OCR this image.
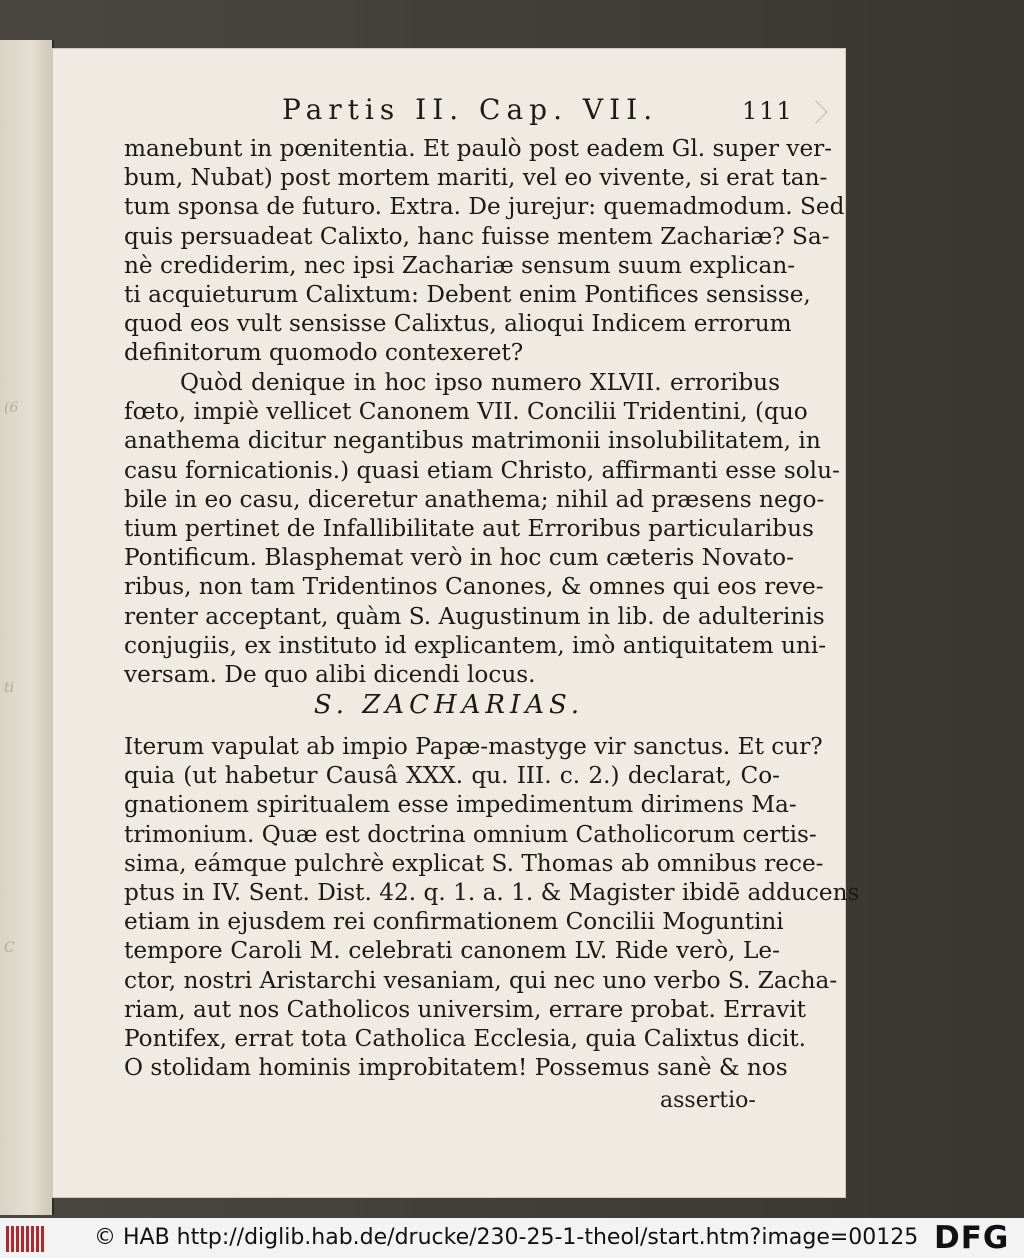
(6
ti
C
Partis II. Cap. VII.	111
manebunt in pœnitentia. Et paulò post eadem Gl. super ver-
bum, Nubat) post mortem mariti, vel eo vivente, si erat tan-
tum sponsa de futuro. Extra. De jurejur: quemadmodum. Sed
quis persuadeat Calixto, hanc fuisse mentem Zachariæ? Sa-
nè crediderim, nec ipsi Zachariæ sensum suum explican-
ti acquieturum Calixtum: Debent enim Pontifices sensisse,
quod eos vult sensisse Calixtus, alioqui Indicem errorum
definitorum quomodo contexeret?
Quòd denique in hoc ipso numero XLVII. erroribus
fœto, impiè vellicet Canonem VII. Concilii Tridentini, (quo
anathema dicitur negantibus matrimonii insolubilitatem, in
casu fornicationis.) quasi etiam Christo, affirmanti esse solu-
bile in eo casu, diceretur anathema; nihil ad præsens nego-
tium pertinet de Infallibilitate aut Erroribus particularibus
Pontificum. Blasphemat verò in hoc cum cæteris Novato-
ribus, non tam Tridentinos Canones, & omnes qui eos reve-
renter acceptant, quàm S. Augustinum in lib. de adulterinis
conjugiis, ex instituto id explicantem, imò antiquitatem uni-
versam. De quo alibi dicendi locus.
S. ZACHARIAS.
Iterum vapulat ab impio Papæ-mastyge vir sanctus. Et cur?
quia (ut habetur Causâ XXX. qu. III. c. 2.) declarat, Co-
gnationem spiritualem esse impedimentum dirimens Ma-
trimonium. Quæ est doctrina omnium Catholicorum certis-
sima, eámque pulchrè explicat S. Thomas ab omnibus rece-
ptus in IV. Sent. Dist. 42. q. 1. a. 1. & Magister ibidē adducens
etiam in ejusdem rei confirmationem Concilii Moguntini
tempore Caroli M. celebrati canonem LV. Ride verò, Le-
ctor, nostri Aristarchi vesaniam, qui nec uno verbo S. Zacha-
riam, aut nos Catholicos universim, errare probat. Erravit
Pontifex, errat tota Catholica Ecclesia, quia Calixtus dicit.
O stolidam hominis improbitatem! Possemus sanè & nos
assertio-
© HAB http://diglib.hab.de/drucke/230-25-1-theol/start.htm?image=00125 DFG
